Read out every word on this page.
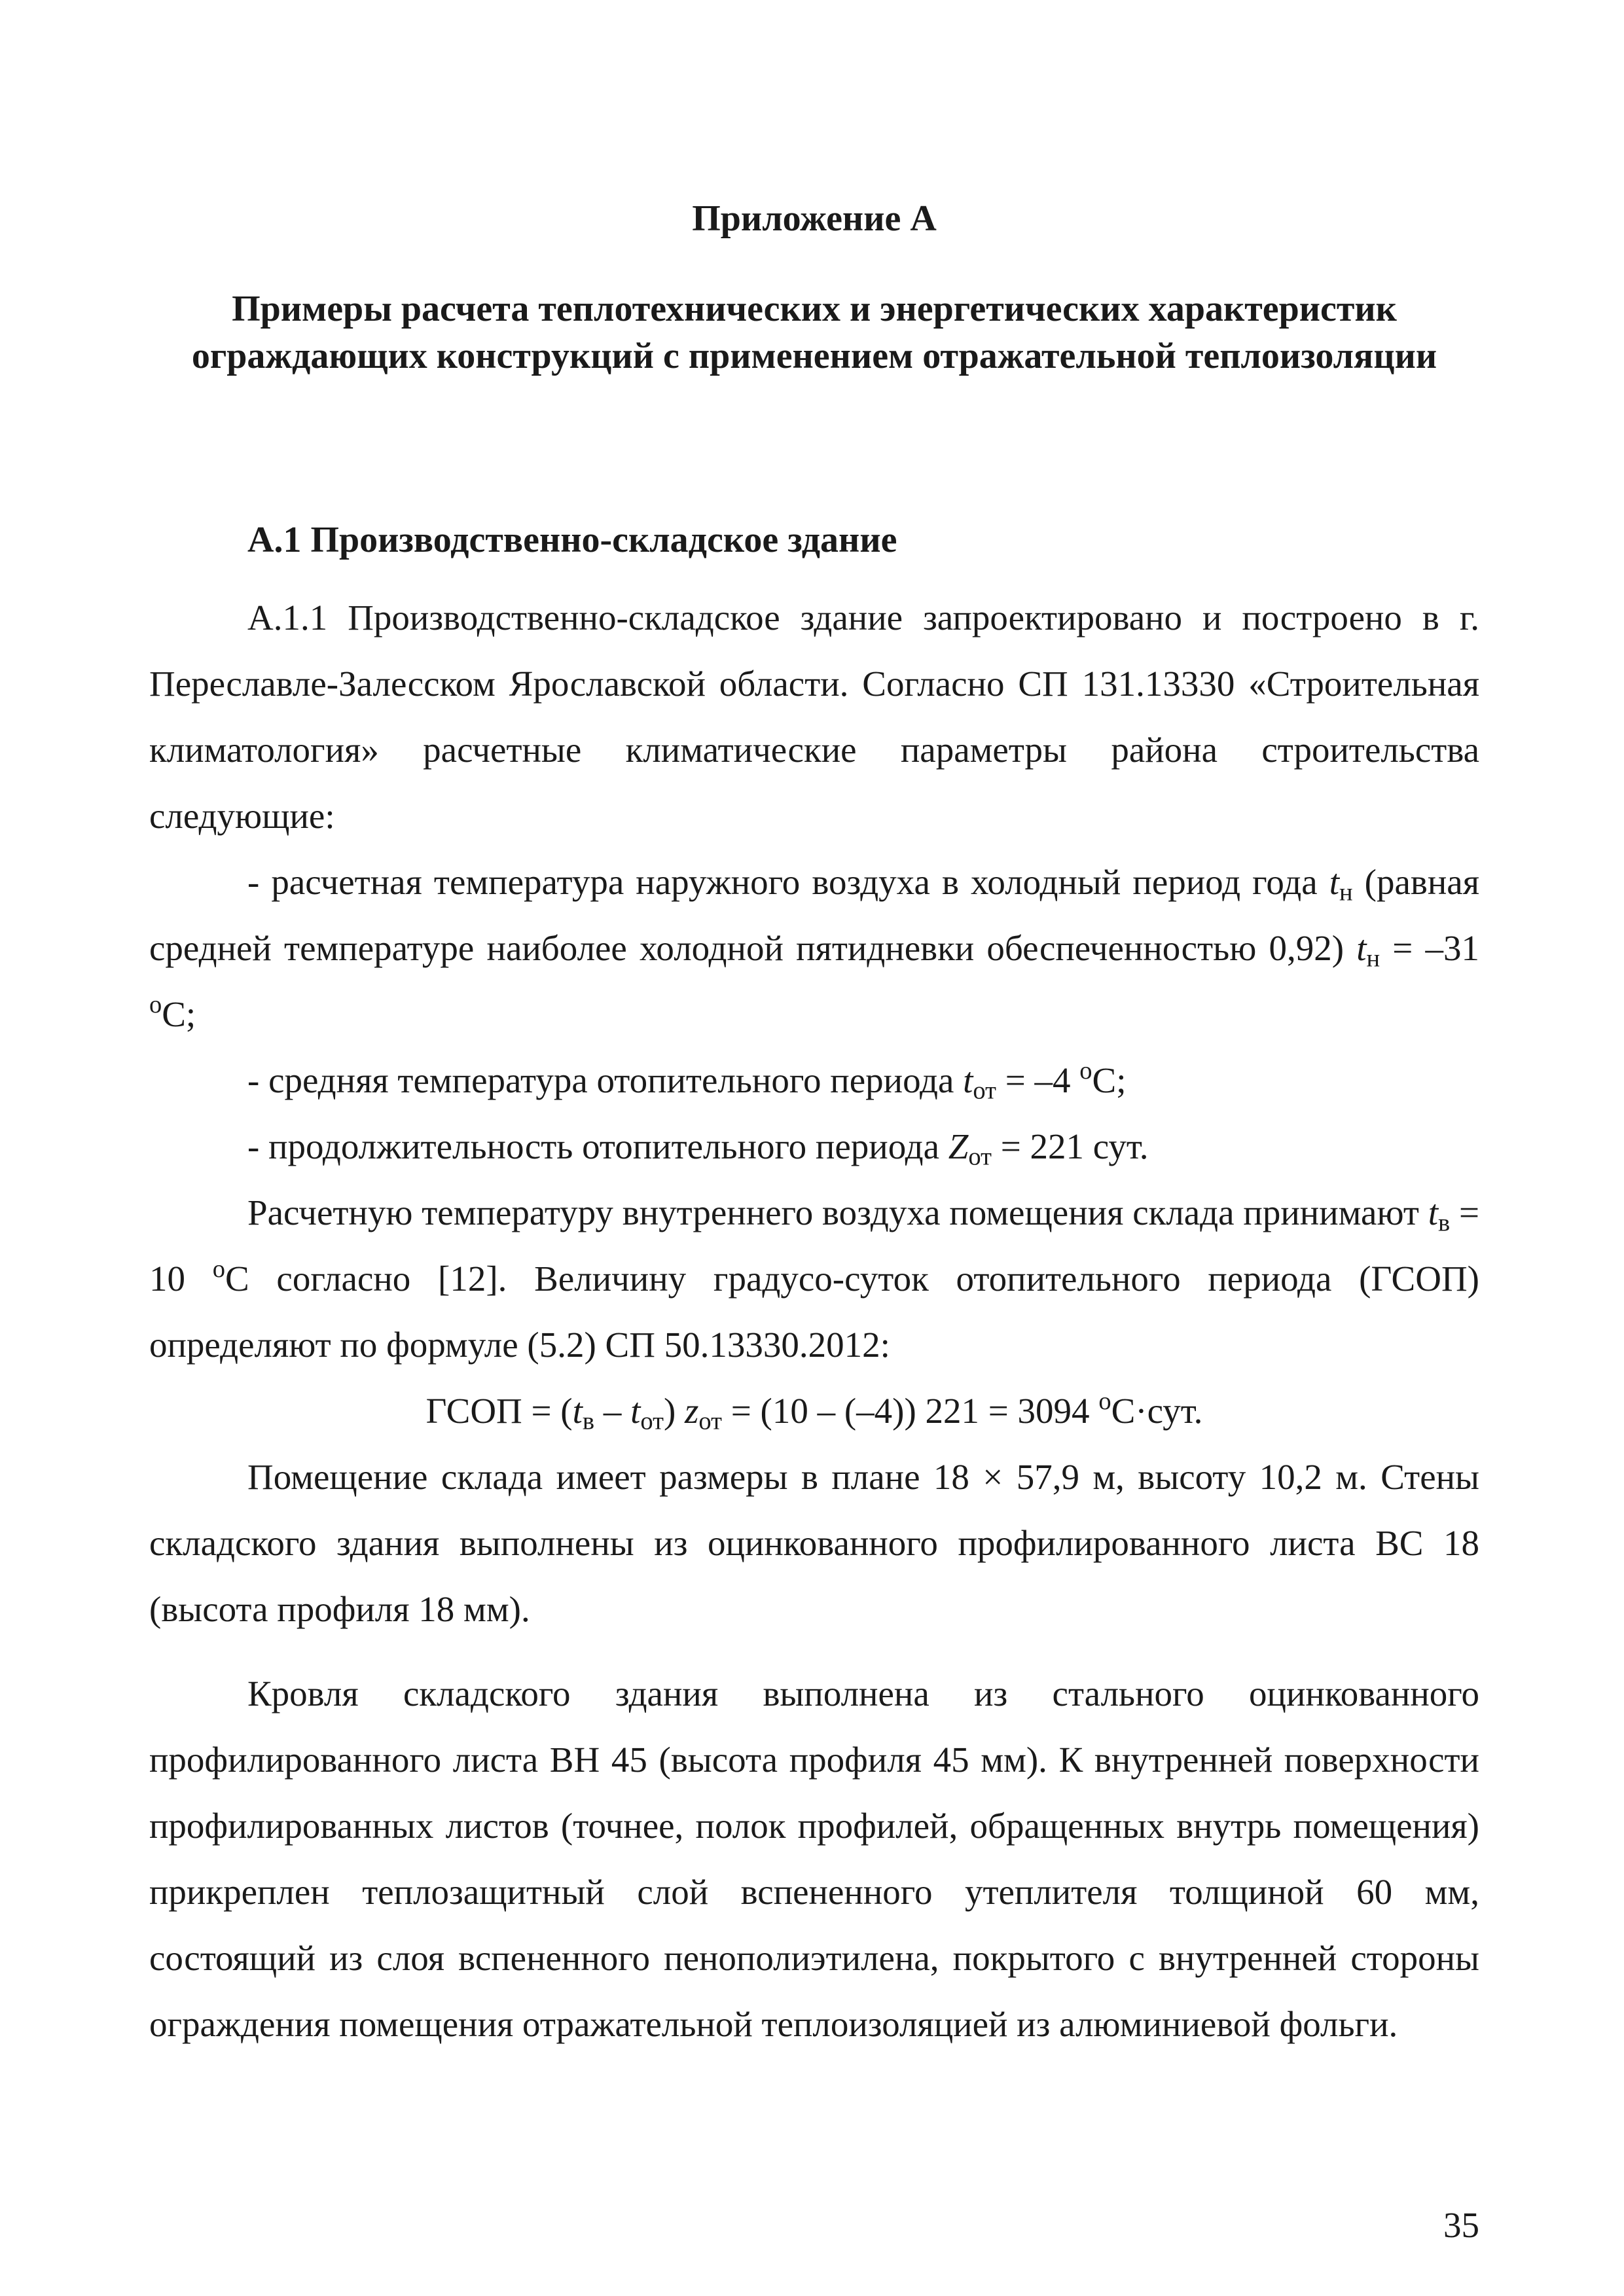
Приложение А
Примеры расчета теплотехнических и энергетических характеристик
ограждающих конструкций с применением отражательной теплоизоляции
А.1 Производственно-складское здание

А.1.1 Производственно-складское здание запроектировано и построено в г. Переславле-Залесском Ярославской области. Согласно СП 131.13330 «Строительная климатология» расчетные климатические параметры района строительства следующие:

- расчетная температура наружного воздуха в холодный период года $t_н$ (равная средней температуре наиболее холодной пятидневки обеспеченностью 0,92) $t_н = -31$ $^о$С;

- средняя температура отопительного периода $t_{от} = -4$ $^о$С;

- продолжительность отопительного периода $Z_{от} = 221$ сут.

Расчетную температуру внутреннего воздуха помещения склада принимают $t_в = 10$ $^о$С согласно [12]. Величину градусо-суток отопительного периода (ГСОП) определяют по формуле (5.2) СП 50.13330.2012:

ГСОП = $(t_в - t_{от}) z_{от} = (10 - (-4)) 221 = 3094$ $^о$С·сут.

Помещение склада имеет размеры в плане 18 × 57,9 м, высоту 10,2 м. Стены складского здания выполнены из оцинкованного профилированного листа ВС 18 (высота профиля 18 мм).

Кровля складского здания выполнена из стального оцинкованного профилированного листа ВН 45 (высота профиля 45 мм). К внутренней поверхности профилированных листов (точнее, полок профилей, обращенных внутрь помещения) прикреплен теплозащитный слой вспененного утеплителя толщиной 60 мм, состоящий из слоя вспененного пенополиэтилена, покрытого с внутренней стороны ограждения помещения отражательной теплоизоляцией из алюминиевой фольги.

35
